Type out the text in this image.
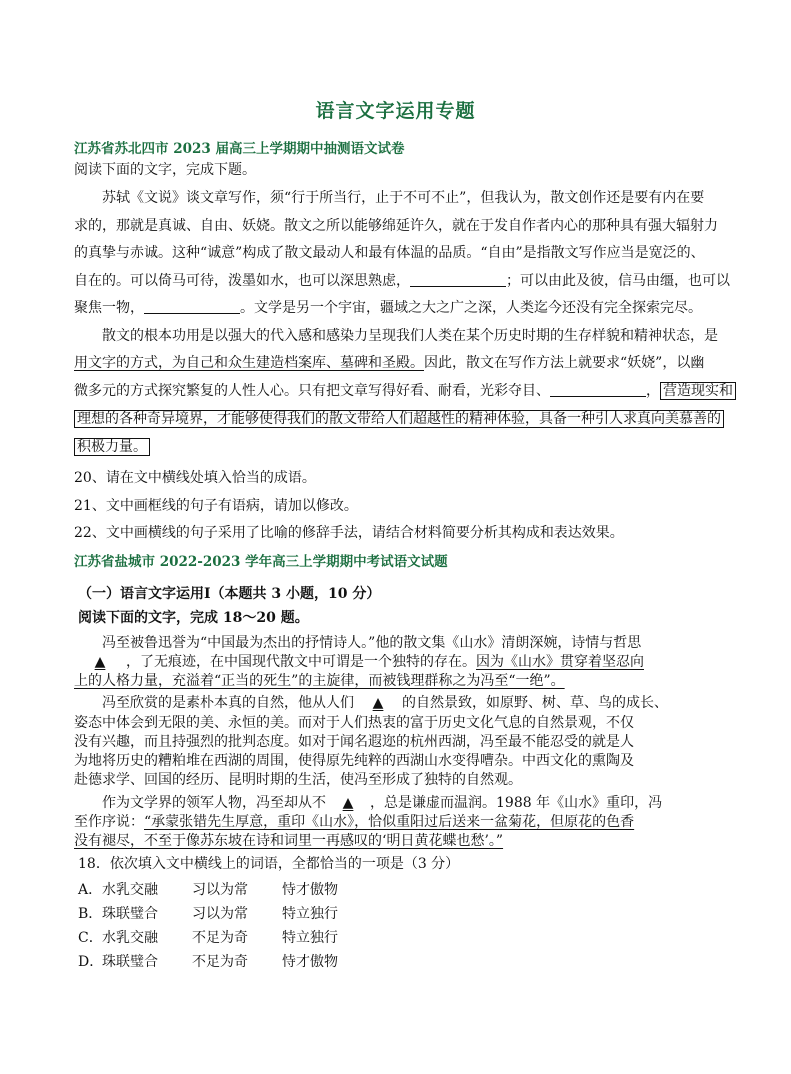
语言文字运用专题
江苏省苏北四市 2023 届高三上学期期中抽测语文试卷
阅读下面的文字，完成下题。
苏轼《文说》谈文章写作，须“行于所当行，止于不可不止”，但我认为，散文创作还是要有内在要
求的，那就是真诚、自由、妖娆。散文之所以能够绵延许久，就在于发自作者内心的那种具有强大辐射力
的真挚与赤诚。这种“诚意”构成了散文最动人和最有体温的品质。“自由”是指散文写作应当是宽泛的、
自在的。可以倚马可待，泼墨如水，也可以深思熟虑，	；可以由此及彼，信马由缰，也可以
聚焦一物，	。文学是另一个宇宙，疆域之大之广之深，人类迄今还没有完全探索完尽。
散文的根本功用是以强大的代入感和感染力呈现我们人类在某个历史时期的生存样貌和精神状态，是
用文字的方式，为自己和众生建造档案库、墓碑和圣殿。因此，散文在写作方法上就要求“妖娆”，以幽
微多元的方式探究繁复的人性人心。只有把文章写得好看、耐看，光彩夺目、	， 营造现实和
理想的各种奇异境界，才能够使得我们的散文带给人们超越性的精神体验，具备一种引人求真向美慕善的
积极力量。
20、请在文中横线处填入恰当的成语。
21、文中画框线的句子有语病，请加以修改。
22、文中画横线的句子采用了比喻的修辞手法，请结合材料简要分析其构成和表达效果。
江苏省盐城市 2022-2023 学年高三上学期期中考试语文试题
（一）语言文字运用Ⅰ（本题共 3 小题，10 分）
阅读下面的文字，完成 18～20 题。
冯至被鲁迅誉为“中国最为杰出的抒情诗人。”他的散文集《山水》清朗深婉，诗情与哲思
▲ ，了无痕迹，在中国现代散文中可谓是一个独特的存在。因为《山水》贯穿着坚忍向
上的人格力量，充溢着“正当的死生”的主旋律，而被钱理群称之为冯至“一绝”。
冯至欣赏的是素朴本真的自然，他从人们 ▲ 的自然景致，如原野、树、草、鸟的成长、
姿态中体会到无限的美、永恒的美。而对于人们热衷的富于历史文化气息的自然景观，不仅
没有兴趣，而且持强烈的批判态度。如对于闻名遐迩的杭州西湖，冯至最不能忍受的就是人
为地将历史的糟粕堆在西湖的周围，使得原先纯粹的西湖山水变得嘈杂。中西文化的熏陶及
赴德求学、回国的经历、昆明时期的生活，使冯至形成了独特的自然观。
作为文学界的领军人物，冯至却从不 ▲ ，总是谦虚而温润。1988 年《山水》重印，冯
至作序说：“承蒙张错先生厚意，重印《山水》，恰似重阳过后送来一盆菊花，但原花的色香
没有褪尽，不至于像苏东坡在诗和词里一再感叹的‘明日黄花蝶也愁’。”
18．依次填入文中横线上的词语，全都恰当的一项是（3 分）
A．水乳交融 习以为常 恃才傲物
B．珠联璧合 习以为常 特立独行
C．水乳交融 不足为奇 特立独行
D．珠联璧合 不足为奇 恃才傲物
